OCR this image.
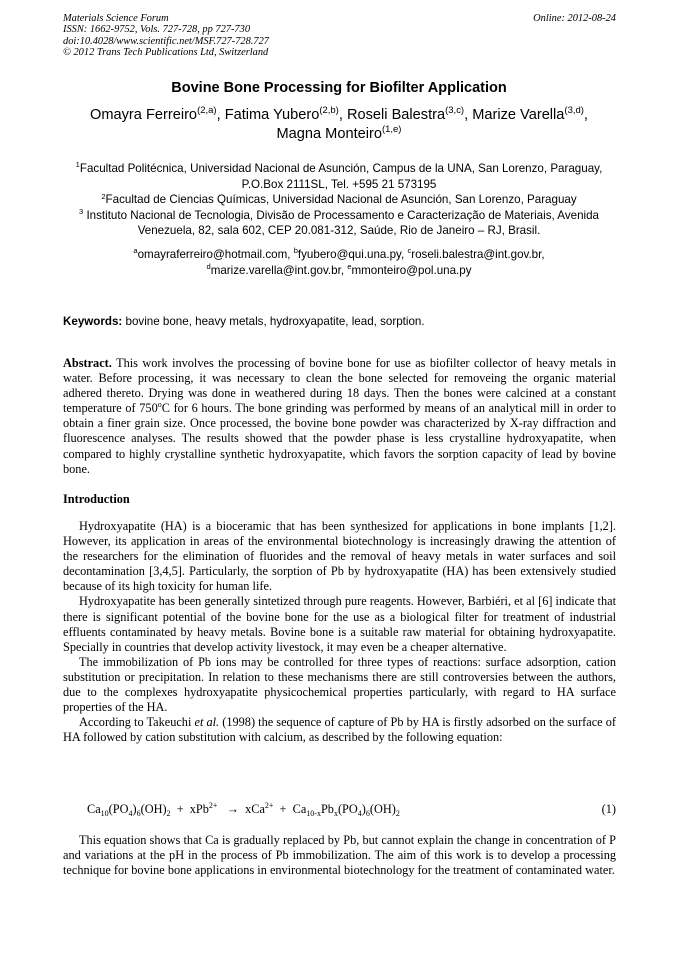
Materials Science Forum
ISSN: 1662-9752, Vols. 727-728, pp 727-730
doi:10.4028/www.scientific.net/MSF.727-728.727
© 2012 Trans Tech Publications Ltd, Switzerland
Online: 2012-08-24
Bovine Bone Processing for Biofilter Application
Omayra Ferreiro$^{(2,a)}$, Fatima Yubero$^{(2,b)}$, Roseli Balestra$^{(3,c)}$, Marize Varella$^{(3,d)}$,
Magna Monteiro$^{(1,e)}$
$^1$Facultad Politécnica, Universidad Nacional de Asunción, Campus de la UNA, San Lorenzo, Paraguay, P.O.Box 2111SL, Tel. +595 21 573195
$^2$Facultad de Ciencias Químicas, Universidad Nacional de Asunción, San Lorenzo, Paraguay
$^3$ Instituto Nacional de Tecnologia, Divisão de Processamento e Caracterização de Materiais, Avenida Venezuela, 82, sala 602, CEP 20.081-312, Saúde, Rio de Janeiro – RJ, Brasil.
$^a$omayraferreiro@hotmail.com, $^b$fyubero@qui.una.py, $^c$roseli.balestra@int.gov.br,
$^d$marize.varella@int.gov.br, $^e$mmonteiro@pol.una.py
Keywords: bovine bone, heavy metals, hydroxyapatite, lead, sorption.
Abstract. This work involves the processing of bovine bone for use as biofilter collector of heavy metals in water. Before processing, it was necessary to clean the bone selected for removeing the organic material adhered thereto. Drying was done in weathered during 18 days. Then the bones were calcined at a constant temperature of 750$^o$C for 6 hours. The bone grinding was performed by means of an analytical mill in order to obtain a finer grain size. Once processed, the bovine bone powder was characterized by X-ray diffraction and fluorescence analyses. The results showed that the powder phase is less crystalline hydroxyapatite, when compared to highly crystalline synthetic hydroxyapatite, which favors the sorption capacity of lead by bovine bone.
Introduction

Hydroxyapatite (HA) is a bioceramic that has been synthesized for applications in bone implants [1,2]. However, its application in areas of the environmental biotechnology is increasingly drawing the attention of the researchers for the elimination of fluorides and the removal of heavy metals in water surfaces and soil decontamination [3,4,5]. Particularly, the sorption of Pb by hydroxyapatite (HA) has been extensively studied because of its high toxicity for human life.

Hydroxyapatite has been generally sintetized through pure reagents. However, Barbiéri, et al [6] indicate that there is significant potential of the bovine bone for the use as a biological filter for treatment of industrial effluents contaminated by heavy metals. Bovine bone is a suitable raw material for obtaining hydroxyapatite. Specially in countries that develop activity livestock, it may even be a cheaper alternative.

The immobilization of Pb ions may be controlled for three types of reactions: surface adsorption, cation substitution or precipitation. In relation to these mechanisms there are still controversies between the authors, due to the complexes hydroxyapatite physicochemical properties particularly, with regard to HA surface properties of the HA.

According to Takeuchi et al. (1998) the sequence of capture of Pb by HA is firstly adsorbed on the surface of HA followed by cation substitution with calcium, as described by the following equation:

$Ca_{10}(PO_4)_6(OH)_2 + xPb^{2+} \to xCa^{2+} + Ca_{10-x}Pb_x(PO_4)_6(OH)_2$	(1)

This equation shows that Ca is gradually replaced by Pb, but cannot explain the change in concentration of P and variations at the pH in the process of Pb immobilization. The aim of this work is to develop a processing technique for bovine bone applications in environmental biotechnology for the treatment of contaminated water.
